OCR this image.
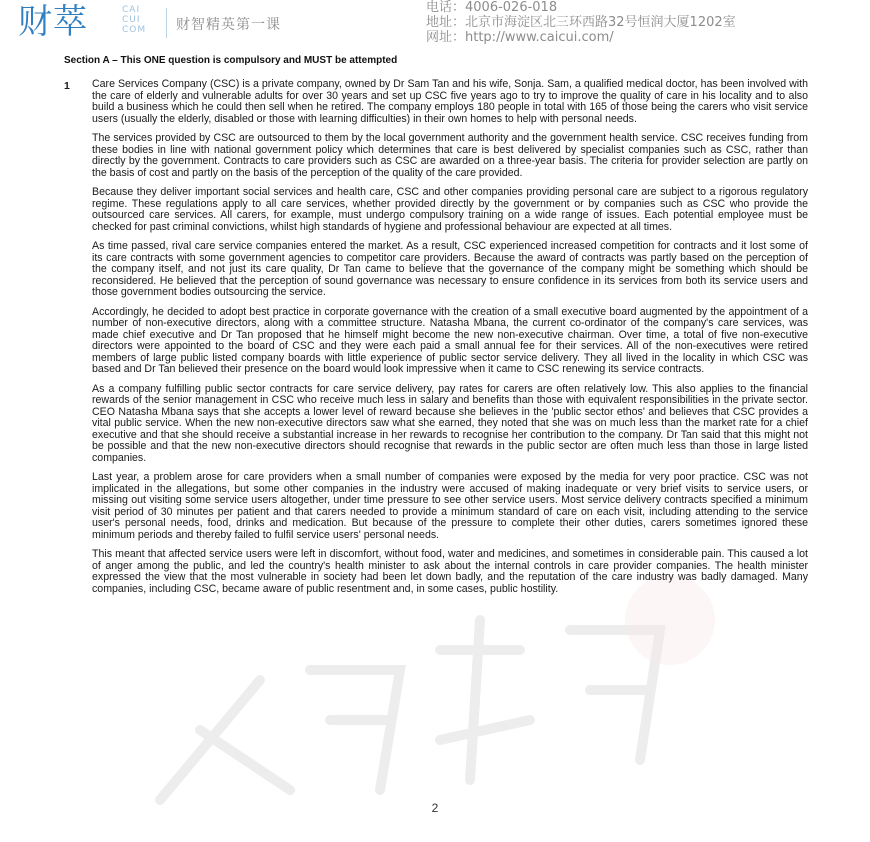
财萃	CAI
CUI
COM	财智精英第一课
电话：4006-026-018
地址：北京市海淀区北三环西路32号恒润大厦1202室
网址：http://www.caicui.com/
Section A – This ONE question is compulsory and MUST be attempted
1 Care Services Company (CSC) is a private company, owned by Dr Sam Tan and his wife, Sonja. Sam, a qualified medical doctor, has been involved with the care of elderly and vulnerable adults for over 30 years and set up CSC five years ago to try to improve the quality of care in his locality and to also build a business which he could then sell when he retired. The company employs 180 people in total with 165 of those being the carers who visit service users (usually the elderly, disabled or those with learning difficulties) in their own homes to help with personal needs.

The services provided by CSC are outsourced to them by the local government authority and the government health service. CSC receives funding from these bodies in line with national government policy which determines that care is best delivered by specialist companies such as CSC, rather than directly by the government. Contracts to care providers such as CSC are awarded on a three-year basis. The criteria for provider selection are partly on the basis of cost and partly on the basis of the perception of the quality of the care provided.

Because they deliver important social services and health care, CSC and other companies providing personal care are subject to a rigorous regulatory regime. These regulations apply to all care services, whether provided directly by the government or by companies such as CSC who provide the outsourced care services. All carers, for example, must undergo compulsory training on a wide range of issues. Each potential employee must be checked for past criminal convictions, whilst high standards of hygiene and professional behaviour are expected at all times.

As time passed, rival care service companies entered the market. As a result, CSC experienced increased competition for contracts and it lost some of its care contracts with some government agencies to competitor care providers. Because the award of contracts was partly based on the perception of the company itself, and not just its care quality, Dr Tan came to believe that the governance of the company might be something which should be reconsidered. He believed that the perception of sound governance was necessary to ensure confidence in its services from both its service users and those government bodies outsourcing the service.

Accordingly, he decided to adopt best practice in corporate governance with the creation of a small executive board augmented by the appointment of a number of non-executive directors, along with a committee structure. Natasha Mbana, the current co-ordinator of the company's care services, was made chief executive and Dr Tan proposed that he himself might become the new non-executive chairman. Over time, a total of five non-executive directors were appointed to the board of CSC and they were each paid a small annual fee for their services. All of the non-executives were retired members of large public listed company boards with little experience of public sector service delivery. They all lived in the locality in which CSC was based and Dr Tan believed their presence on the board would look impressive when it came to CSC renewing its service contracts.

As a company fulfilling public sector contracts for care service delivery, pay rates for carers are often relatively low. This also applies to the financial rewards of the senior management in CSC who receive much less in salary and benefits than those with equivalent responsibilities in the private sector. CEO Natasha Mbana says that she accepts a lower level of reward because she believes in the 'public sector ethos' and believes that CSC provides a vital public service. When the new non-executive directors saw what she earned, they noted that she was on much less than the market rate for a chief executive and that she should receive a substantial increase in her rewards to recognise her contribution to the company. Dr Tan said that this might not be possible and that the new non-executive directors should recognise that rewards in the public sector are often much less than those in large listed companies.

Last year, a problem arose for care providers when a small number of companies were exposed by the media for very poor practice. CSC was not implicated in the allegations, but some other companies in the industry were accused of making inadequate or very brief visits to service users, or missing out visiting some service users altogether, under time pressure to see other service users. Most service delivery contracts specified a minimum visit period of 30 minutes per patient and that carers needed to provide a minimum standard of care on each visit, including attending to the service user's personal needs, food, drinks and medication. But because of the pressure to complete their other duties, carers sometimes ignored these minimum periods and thereby failed to fulfil service users' personal needs.

This meant that affected service users were left in discomfort, without food, water and medicines, and sometimes in considerable pain. This caused a lot of anger among the public, and led the country's health minister to ask about the internal controls in care provider companies. The health minister expressed the view that the most vulnerable in society had been let down badly, and the reputation of the care industry was badly damaged. Many companies, including CSC, became aware of public resentment and, in some cases, public hostility.

2
